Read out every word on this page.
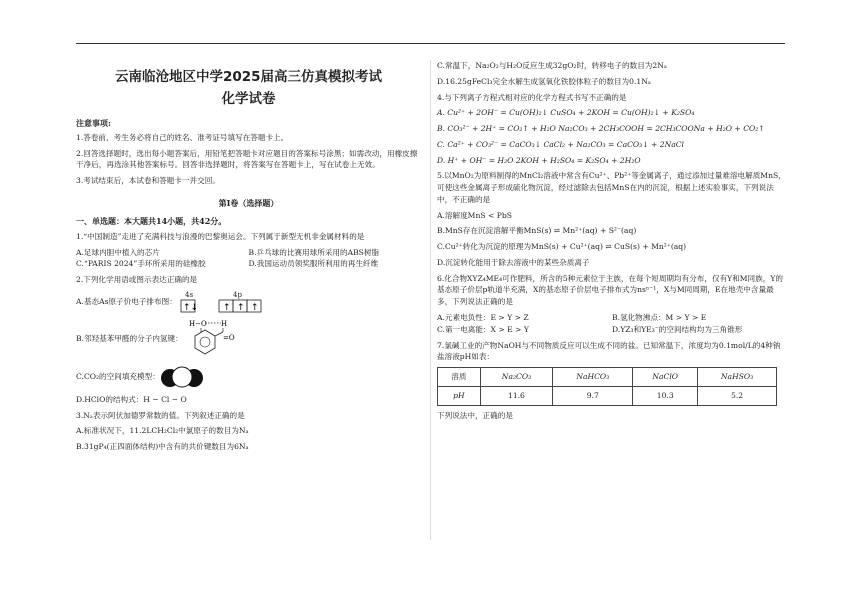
云南临沧地区中学2025届高三仿真模拟考试
化学试卷
注意事项:

1.答卷前，考生务必将自己的姓名、准考证号填写在答题卡上。

2.回答选择题时，选出每小题答案后，用铅笔把答题卡对应题目的答案标号涂黑；如需改动，用橡皮擦干净后，再选涂其他答案标号。回答非选择题时，将答案写在答题卡上，写在试卷上无效。

3.考试结束后，本试卷和答题卡一并交回。

第Ⅰ卷（选择题）
一、单选题：本大题共14小题，共42分。

1.“中国制造”走进了充满科技与浪漫的巴黎奥运会。下列属于新型无机非金属材料的是

A.足球内胆中植入的芯片	B.乒乓球的比赛用球所采用的ABS树脂
C.“PARIS 2024”手环所采用的硅橡胶	D.我国运动员领奖服所利用的再生纤维

2.下列化学用语或图示表达正确的是

A.基态As原子价电子排布图：
4s	4p
↑↓	↑ ↑ ↑
B.邻羟基苯甲醛的分子内氢键：
H−O H
=O
C.CO₂的空间填充模型：

D.HClO的结构式：H − Cl − O

3.Nₐ表示阿伏加德罗常数的值。下列叙述正确的是

A.标准状况下，11.2LCH₂Cl₂中氯原子的数目为Nₐ

B.31gP₄(正四面体结构)中含有的共价键数目为6Nₐ

C.常温下，Na₂O₂与H₂O反应生成32gO₂时，转移电子的数目为2Nₐ

D.16.25gFeCl₃完全水解生成氢氧化铁胶体粒子的数目为0.1Nₐ

4.与下列离子方程式相对应的化学方程式书写不正确的是

A. Cu²⁺ + 2OH⁻ = Cu(OH)₂↓ CuSO₄ + 2KOH = Cu(OH)₂↓ + K₂SO₄

B. CO₃²⁻ + 2H⁺ = CO₂↑ + H₂O Na₂CO₃ + 2CH₃COOH = 2CH₃COONa + H₂O + CO₂↑

C. Ca²⁺ + CO₃²⁻ = CaCO₃↓ CaCl₂ + Na₂CO₃ = CaCO₃↓ + 2NaCl

D. H⁺ + OH⁻ = H₂O 2KOH + H₂SO₄ = K₂SO₄ + 2H₂O

5.以MnO₂为原料制得的MnCl₂溶液中常含有Cu²⁺、Pb²⁺等金属离子，通过添加过量难溶电解质MnS，可使这些金属离子形成硫化物沉淀，经过滤除去包括MnS在内的沉淀，根据上述实验事实，下列说法中，不正确的是

A.溶解度MnS < PbS

B.MnS存在沉淀溶解平衡MnS(s) ⇌ Mn²⁺(aq) + S²⁻(aq)

C.Cu²⁺转化为沉淀的原理为MnS(s) + Cu²⁺(aq) ⇌ CuS(s) + Mn²⁺(aq)

D.沉淀转化能用于除去溶液中的某些杂质离子

6.化合物XYZ₄ME₄可作肥料，所含的5种元素位于主族，在每个短周期均有分布，仅有Y和M同族，Y的基态原子价层p轨道半充满，X的基态原子价层电子排布式为nsⁿ⁻¹，X与M同周期，E在地壳中含量最多，下列说法正确的是

A.元素电负性：E > Y > Z	B.氢化物沸点：M > Y > E
C.第一电离能：X > E > Y	D.YZ₃和YE₃⁻的空间结构均为三角锥形

7.氯碱工业的产物NaOH与不同物质反应可以生成不同的盐。已知常温下，浓度均为0.1mol/L的4种钠盐溶液pH如表：

溶质	Na₂CO₃	NaHCO₃	NaClO	NaHSO₃
pH	11.6	9.7	10.3	5.2

下列说法中，正确的是
